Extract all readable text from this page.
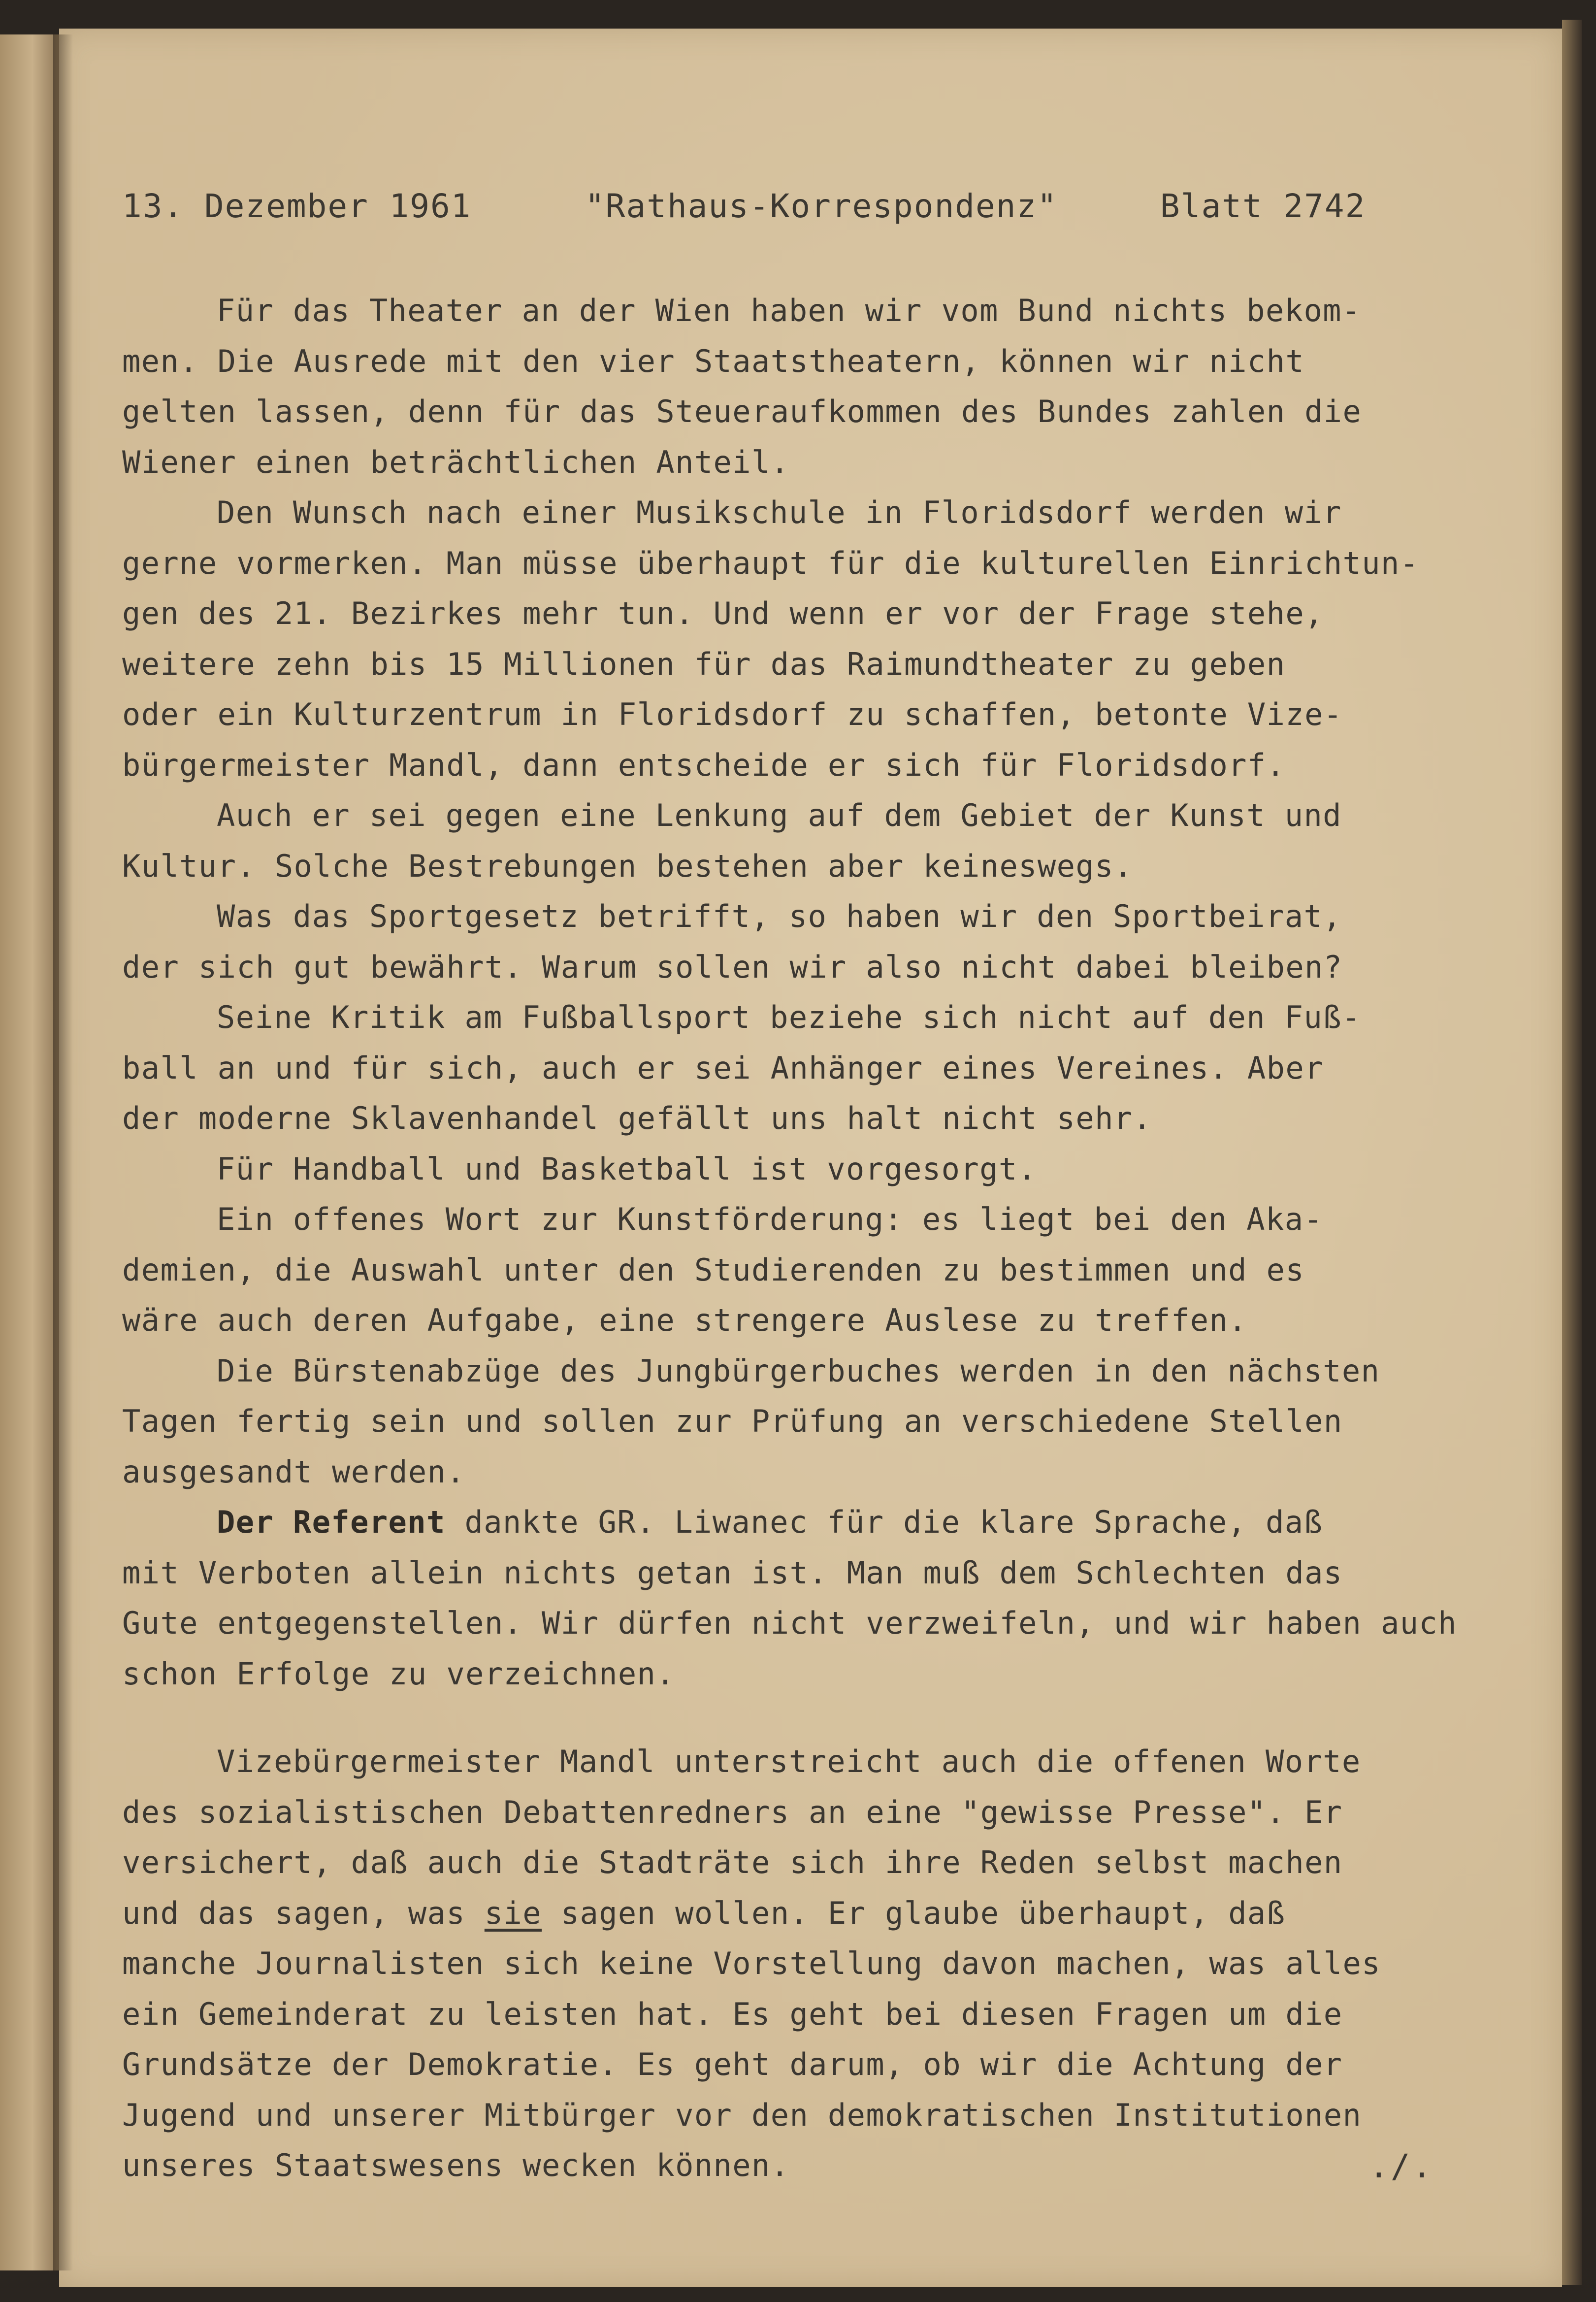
13. Dezember 1961	"Rathaus-Korrespondenz"	Blatt 2742
Für das Theater an der Wien haben wir vom Bund nichts bekom-
men. Die Ausrede mit den vier Staatstheatern, können wir nicht
gelten lassen, denn für das Steueraufkommen des Bundes zahlen die
Wiener einen beträchtlichen Anteil.
Den Wunsch nach einer Musikschule in Floridsdorf werden wir
gerne vormerken. Man müsse überhaupt für die kulturellen Einrichtun-
gen des 21. Bezirkes mehr tun. Und wenn er vor der Frage stehe,
weitere zehn bis 15 Millionen für das Raimundtheater zu geben
oder ein Kulturzentrum in Floridsdorf zu schaffen, betonte Vize-
bürgermeister Mandl, dann entscheide er sich für Floridsdorf.
Auch er sei gegen eine Lenkung auf dem Gebiet der Kunst und
Kultur. Solche Bestrebungen bestehen aber keineswegs.
Was das Sportgesetz betrifft, so haben wir den Sportbeirat,
der sich gut bewährt. Warum sollen wir also nicht dabei bleiben?
Seine Kritik am Fußballsport beziehe sich nicht auf den Fuß-
ball an und für sich, auch er sei Anhänger eines Vereines. Aber
der moderne Sklavenhandel gefällt uns halt nicht sehr.
Für Handball und Basketball ist vorgesorgt.
Ein offenes Wort zur Kunstförderung: es liegt bei den Aka-
demien, die Auswahl unter den Studierenden zu bestimmen und es
wäre auch deren Aufgabe, eine strengere Auslese zu treffen.
Die Bürstenabzüge des Jungbürgerbuches werden in den nächsten
Tagen fertig sein und sollen zur Prüfung an verschiedene Stellen
ausgesandt werden.
Der Referent dankte GR. Liwanec für die klare Sprache, daß
mit Verboten allein nichts getan ist. Man muß dem Schlechten das
Gute entgegenstellen. Wir dürfen nicht verzweifeln, und wir haben auch
schon Erfolge zu verzeichnen.
Vizebürgermeister Mandl unterstreicht auch die offenen Worte
des sozialistischen Debattenredners an eine "gewisse Presse". Er
versichert, daß auch die Stadträte sich ihre Reden selbst machen
und das sagen, was sie sagen wollen. Er glaube überhaupt, daß
manche Journalisten sich keine Vorstellung davon machen, was alles
ein Gemeinderat zu leisten hat. Es geht bei diesen Fragen um die
Grundsätze der Demokratie. Es geht darum, ob wir die Achtung der
Jugend und unserer Mitbürger vor den demokratischen Institutionen
unseres Staatswesens wecken können.	./.
